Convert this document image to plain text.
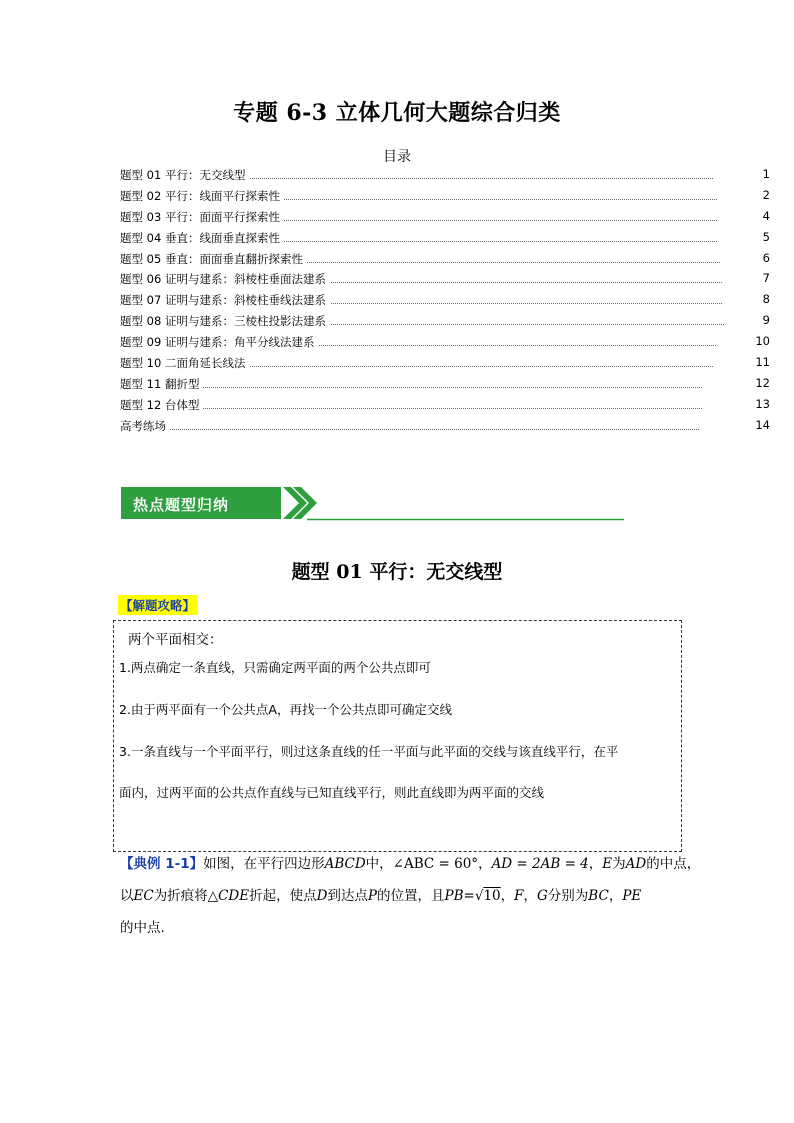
专题 6-3 立体几何大题综合归类
目录
题型 01 平行：无交线型	1
题型 02 平行：线面平行探索性	2
题型 03 平行：面面平行探索性	4
题型 04 垂直：线面垂直探索性	5
题型 05 垂直：面面垂直翻折探索性	6
题型 06 证明与建系：斜棱柱垂面法建系	7
题型 07 证明与建系：斜棱柱垂线法建系	8
题型 08 证明与建系：三棱柱投影法建系	9
题型 09 证明与建系：角平分线法建系	10
题型 10 二面角延长线法	11
题型 11 翻折型	12
题型 12 台体型	13
高考练场	14
热点题型归纳
题型 01 平行：无交线型
【解题攻略】
两个平面相交：
1.两点确定一条直线，只需确定两平面的两个公共点即可
2.由于两平面有一个公共点A，再找一个公共点即可确定交线
3.一条直线与一个平面平行，则过这条直线的任一平面与此平面的交线与该直线平行，在平
面内，过两平面的公共点作直线与已知直线平行，则此直线即为两平面的交线
【典例 1-1】如图，在平行四边形ABCD中，∠ABC = 60°，AD = 2AB = 4，E为AD的中点，
以EC为折痕将△CDE折起，使点D到达点P的位置，且PB=√10，F，G分别为BC，PE
的中点.
